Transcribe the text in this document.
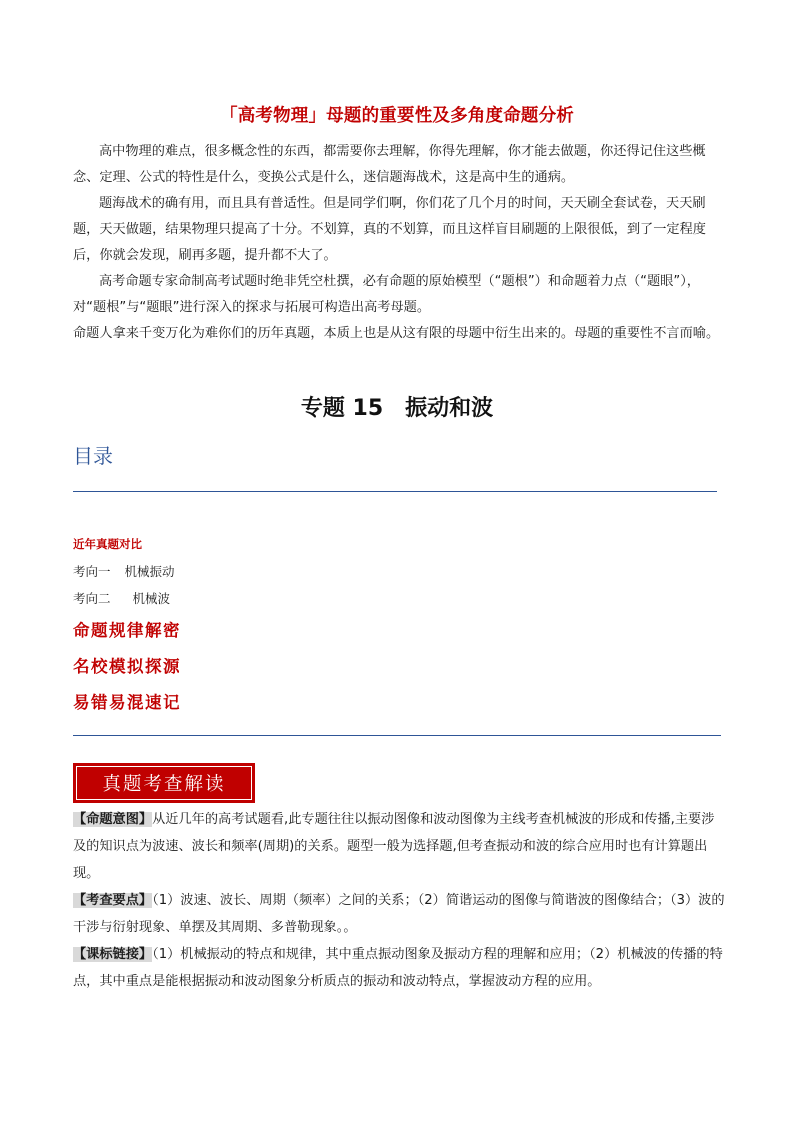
「高考物理」母题的重要性及多角度命题分析

高中物理的难点，很多概念性的东西，都需要你去理解，你得先理解，你才能去做题，你还得记住这些概念、定理、公式的特性是什么，变换公式是什么，迷信题海战术，这是高中生的通病。

题海战术的确有用，而且具有普适性。但是同学们啊，你们花了几个月的时间，天天刷全套试卷，天天刷题，天天做题，结果物理只提高了十分。不划算，真的不划算，而且这样盲目刷题的上限很低，到了一定程度后，你就会发现，刷再多题，提升都不大了。

高考命题专家命制高考试题时绝非凭空杜撰，必有命题的原始模型（“题根”）和命题着力点（“题眼”），对“题根”与“题眼”进行深入的探求与拓展可构造出高考母题。

命题人拿来千变万化为难你们的历年真题，本质上也是从这有限的母题中衍生出来的。母题的重要性不言而喻。

专题 15　振动和波
目录
近年真题对比
考向一 机械振动
考向二 机械波
命题规律解密
名校模拟探源
易错易混速记
真题考查解读

【命题意图】从近几年的高考试题看,此专题往往以振动图像和波动图像为主线考查机械波的形成和传播,主要涉及的知识点为波速、波长和频率(周期)的关系。题型一般为选择题,但考查振动和波的综合应用时也有计算题出现。

【考查要点】（1）波速、波长、周期（频率）之间的关系；（2）简谐运动的图像与简谐波的图像结合；（3）波的干涉与衍射现象、单摆及其周期、多普勒现象。。

【课标链接】（1）机械振动的特点和规律，其中重点振动图象及振动方程的理解和应用；（2）机械波的传播的特点，其中重点是能根据振动和波动图象分析质点的振动和波动特点，掌握波动方程的应用。
